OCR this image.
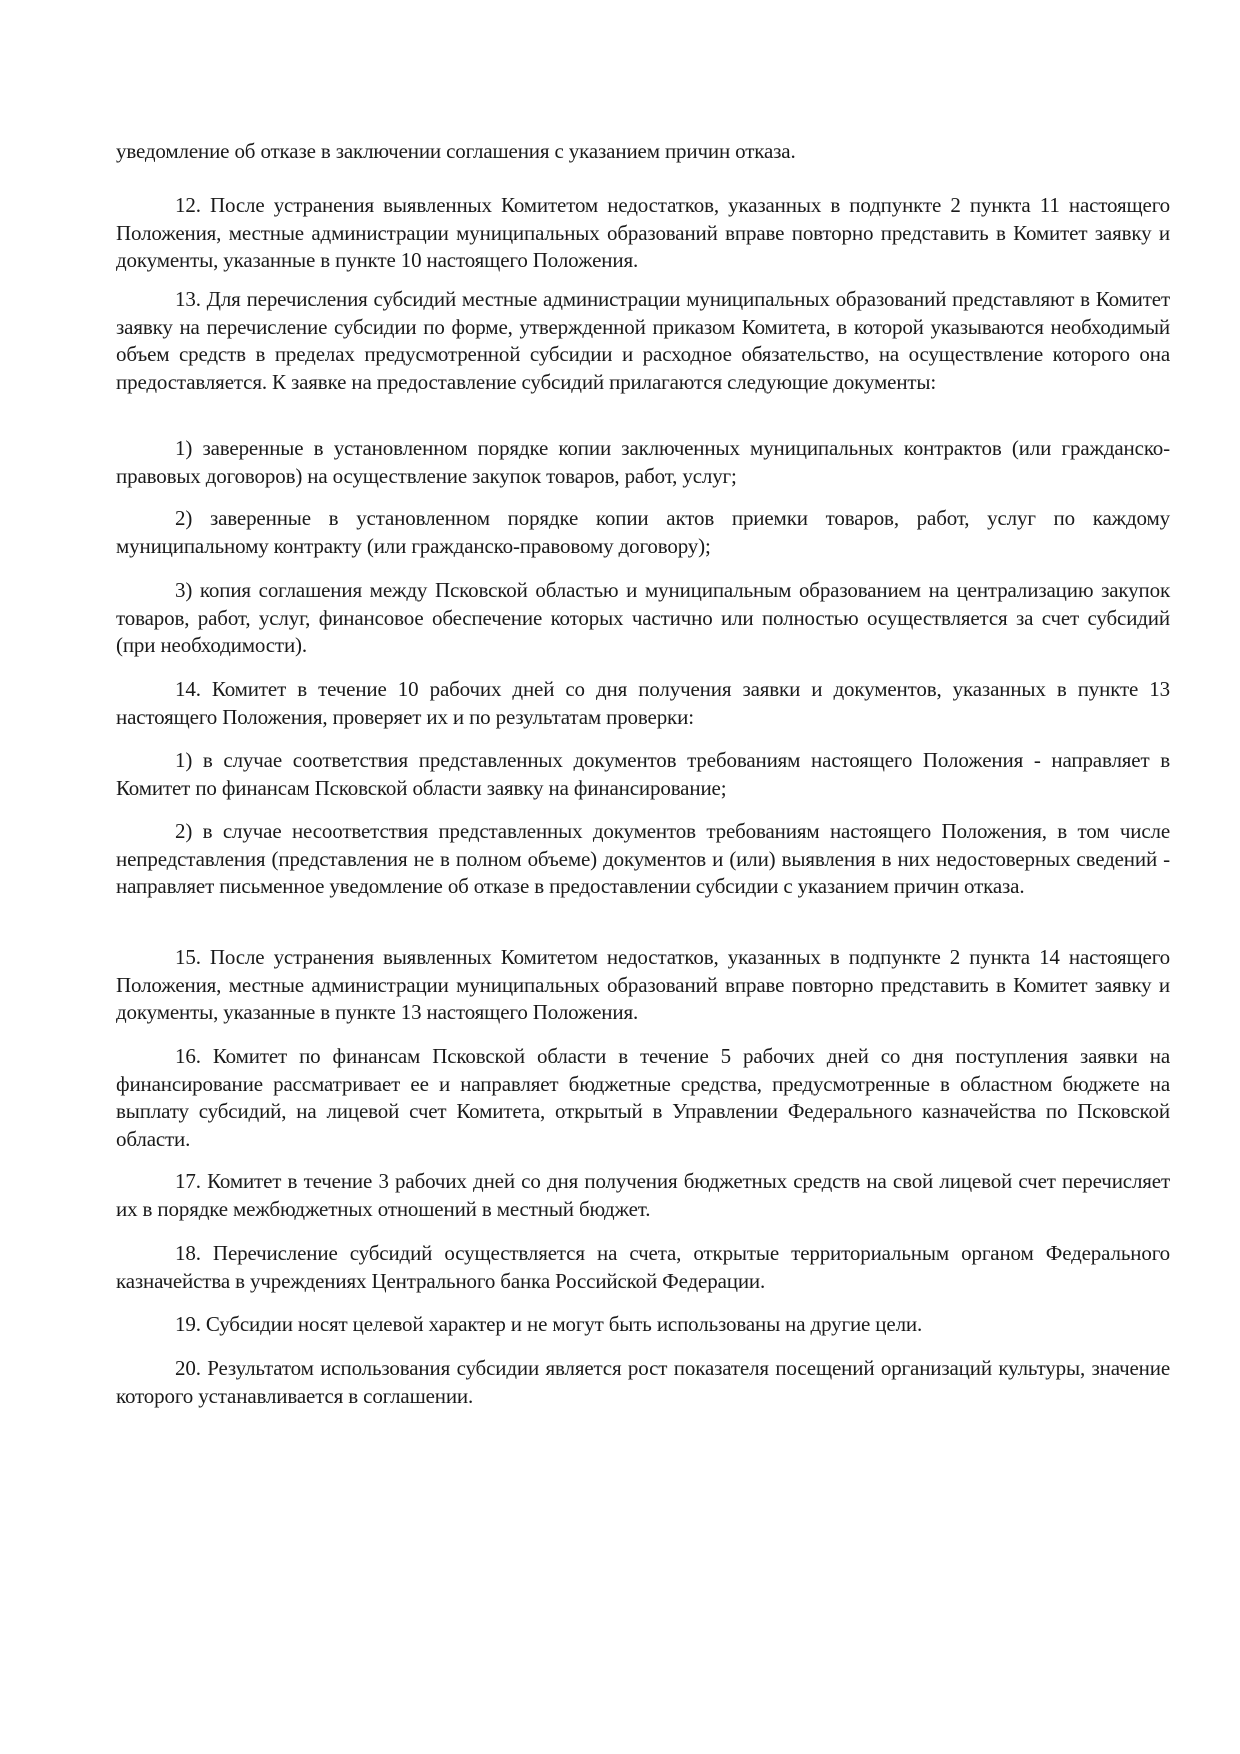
уведомление об отказе в заключении соглашения с указанием причин отказа.

12. После устранения выявленных Комитетом недостатков, указанных в подпункте 2 пункта 11 настоящего Положения, местные администрации муниципальных образований вправе повторно представить в Комитет заявку и документы, указанные в пункте 10 настоящего Положения.

13. Для перечисления субсидий местные администрации муниципальных образований представляют в Комитет заявку на перечисление субсидии по форме, утвержденной приказом Комитета, в которой указываются необходимый объем средств в пределах предусмотренной субсидии и расходное обязательство, на осуществление которого она предоставляется. К заявке на предоставление субсидий прилагаются следующие документы:

1) заверенные в установленном порядке копии заключенных муниципальных контрактов (или гражданско-правовых договоров) на осуществление закупок товаров, работ, услуг;

2) заверенные в установленном порядке копии актов приемки товаров, работ, услуг по каждому муниципальному контракту (или гражданско-правовому договору);

3) копия соглашения между Псковской областью и муниципальным образованием на централизацию закупок товаров, работ, услуг, финансовое обеспечение которых частично или полностью осуществляется за счет субсидий (при необходимости).

14. Комитет в течение 10 рабочих дней со дня получения заявки и документов, указанных в пункте 13 настоящего Положения, проверяет их и по результатам проверки:

1) в случае соответствия представленных документов требованиям настоящего Положения - направляет в Комитет по финансам Псковской области заявку на финансирование;

2) в случае несоответствия представленных документов требованиям настоящего Положения, в том числе непредставления (представления не в полном объеме) документов и (или) выявления в них недостоверных сведений - направляет письменное уведомление об отказе в предоставлении субсидии с указанием причин отказа.

15. После устранения выявленных Комитетом недостатков, указанных в подпункте 2 пункта 14 настоящего Положения, местные администрации муниципальных образований вправе повторно представить в Комитет заявку и документы, указанные в пункте 13 настоящего Положения.

16. Комитет по финансам Псковской области в течение 5 рабочих дней со дня поступления заявки на финансирование рассматривает ее и направляет бюджетные средства, предусмотренные в областном бюджете на выплату субсидий, на лицевой счет Комитета, открытый в Управлении Федерального казначейства по Псковской области.

17. Комитет в течение 3 рабочих дней со дня получения бюджетных средств на свой лицевой счет перечисляет их в порядке межбюджетных отношений в местный бюджет.

18. Перечисление субсидий осуществляется на счета, открытые территориальным органом Федерального казначейства в учреждениях Центрального банка Российской Федерации.

19. Субсидии носят целевой характер и не могут быть использованы на другие цели.

20. Результатом использования субсидии является рост показателя посещений организаций культуры, значение которого устанавливается в соглашении.
